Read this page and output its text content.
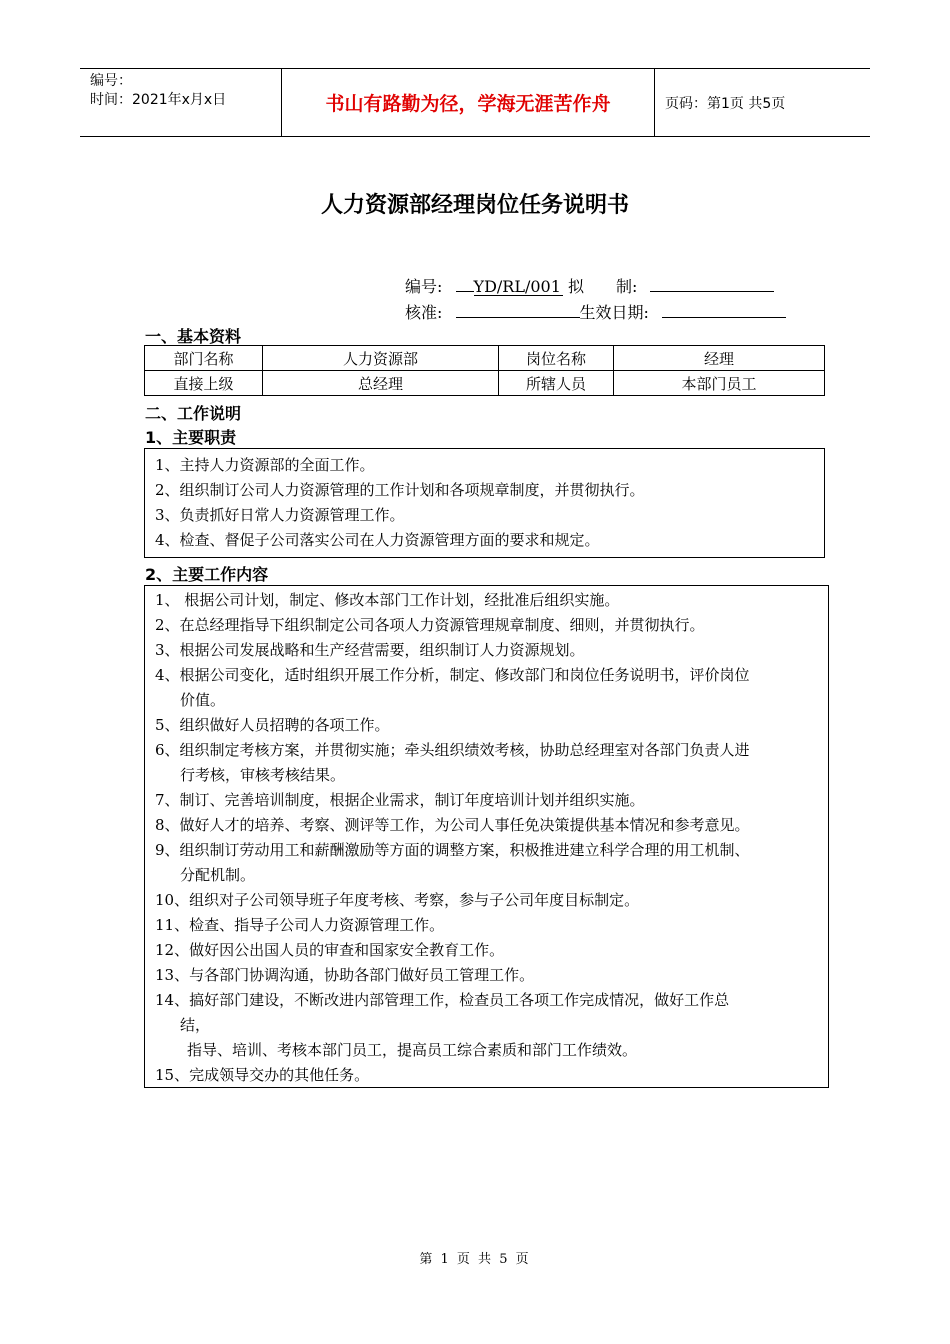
编号：
时间：2021年x月x日	书山有路勤为径，学海无涯苦作舟	页码：第1页 共5页
人力资源部经理岗位任务说明书
编号: YD/RL/001 拟　　制:
核准:	生效日期:
一、基本资料
部门名称	人力资源部	岗位名称	经理
直接上级	总经理	所辖人员	本部门员工
二、工作说明
1、主要职责
1、主持人力资源部的全面工作。
2、组织制订公司人力资源管理的工作计划和各项规章制度，并贯彻执行。
3、负责抓好日常人力资源管理工作。
4、检查、督促子公司落实公司在人力资源管理方面的要求和规定。
2、主要工作内容
1、 根据公司计划，制定、修改本部门工作计划，经批准后组织实施。
2、在总经理指导下组织制定公司各项人力资源管理规章制度、细则，并贯彻执行。
3、根据公司发展战略和生产经营需要，组织制订人力资源规划。
4、根据公司变化，适时组织开展工作分析，制定、修改部门和岗位任务说明书，评价岗位
价值。
5、组织做好人员招聘的各项工作。
6、组织制定考核方案，并贯彻实施；牵头组织绩效考核，协助总经理室对各部门负责人进
行考核，审核考核结果。
7、制订、完善培训制度，根据企业需求，制订年度培训计划并组织实施。
8、做好人才的培养、考察、测评等工作，为公司人事任免决策提供基本情况和参考意见。
9、组织制订劳动用工和薪酬激励等方面的调整方案，积极推进建立科学合理的用工机制、
分配机制。
10、组织对子公司领导班子年度考核、考察，参与子公司年度目标制定。
11、检查、指导子公司人力资源管理工作。
12、做好因公出国人员的审查和国家安全教育工作。
13、与各部门协调沟通，协助各部门做好员工管理工作。
14、搞好部门建设，不断改进内部管理工作，检查员工各项工作完成情况，做好工作总
结，
指导、培训、考核本部门员工，提高员工综合素质和部门工作绩效。
15、完成领导交办的其他任务。
第 1 页 共 5 页
